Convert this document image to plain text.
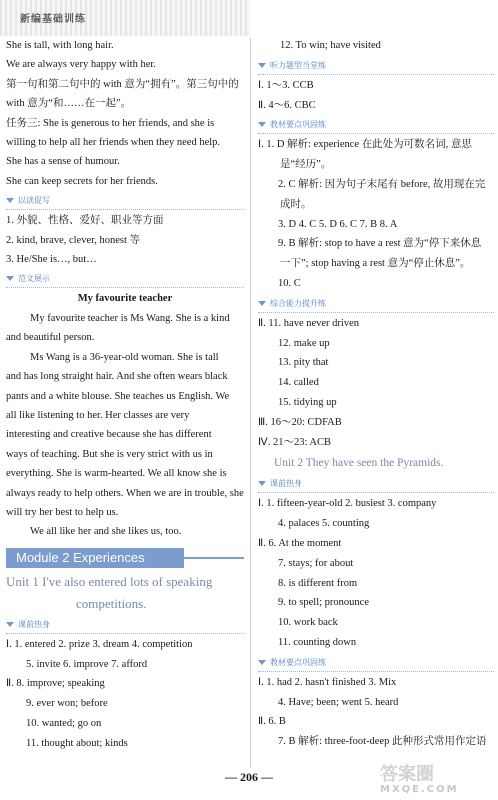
新编基础训练
She is tall, with long hair.
We are always very happy with her.
第一句和第二句中的 with 意为“拥有”。第三句中的
with 意为“和……在一起”。
任务三: She is generous to her friends, and she is
willing to help all her friends when they need help.
She has a sense of humour.
She can keep secrets for her friends.
以读促写
1. 外貌、性格、爱好、职业等方面
2. kind, brave, clever, honest 等
3. He/She is…, but…
范文展示
My favourite teacher
My favourite teacher is Ms Wang. She is a kind
and beautiful person.
Ms Wang is a 36-year-old woman. She is tall
and has long straight hair. And she often wears black
pants and a white blouse. She teaches us English. We
all like listening to her. Her classes are very
interesting and creative because she has different
ways of teaching. But she is very strict with us in
everything. She is warm-hearted. We all know she is
always ready to help others. When we are in trouble, she
will try her best to help us.
We all like her and she likes us, too.
Module 2 Experiences
Unit 1 I've also entered lots of speaking
competitions.
课前热身
Ⅰ. 1. entered 2. prize 3. dream 4. competition
5. invite 6. improve 7. afford
Ⅱ. 8. improve; speaking
9. ever won; before
10. wanted; go on
11. thought about; kinds
12. To win; have visited
听力题型当堂练
Ⅰ. 1～3. CCB
Ⅱ. 4～6. CBC
教材要点巩固练
Ⅰ. 1. D 解析: experience 在此处为可数名词, 意思
是“经历”。
2. C 解析: 因为句子末尾有 before, 故用现在完
成时。
3. D 4. C 5. D 6. C 7. B 8. A
9. B 解析: stop to have a rest 意为“停下来休息
一下”; stop having a rest 意为“停止休息”。
10. C
综合能力提升练
Ⅱ. 11. have never driven
12. make up
13. pity that
14. called
15. tidying up
Ⅲ. 16～20: CDFAB
Ⅳ. 21～23: ACB
Unit 2 They have seen the Pyramids.
课前热身
Ⅰ. 1. fifteen-year-old 2. busiest 3. company
4. palaces 5. counting
Ⅱ. 6. At the moment
7. stays; for about
8. is different from
9. to spell; pronounce
10. work back
11. counting down
教材要点巩固练
Ⅰ. 1. had 2. hasn't finished 3. Mix
4. Have; been; went 5. heard
Ⅱ. 6. B
7. B 解析: three-foot-deep 此种形式常用作定语
— 206 —	答案圈
MXQE.COM
